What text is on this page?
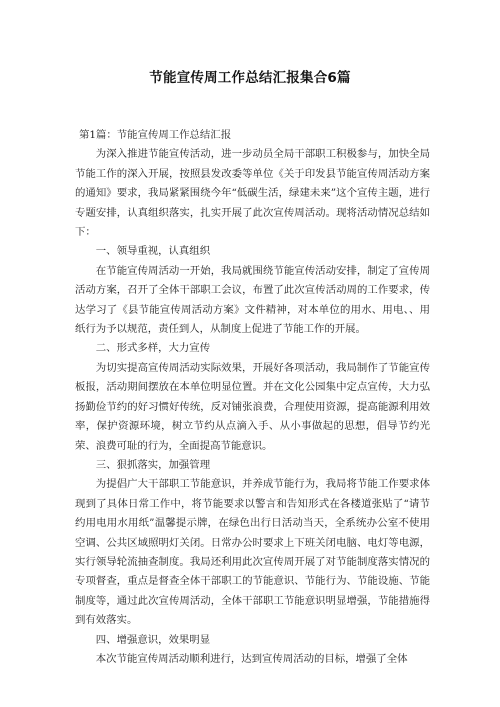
节能宣传周工作总结汇报集合6篇

第1篇：节能宣传周工作总结汇报

为深入推进节能宣传活动，进一步动员全局干部职工积极参与，加快全局节能工作的深入开展，按照县发改委等单位《关于印发县节能宣传周活动方案的通知》要求，我局紧紧围绕今年“低碳生活，绿建未来”这个宣传主题，进行专题安排，认真组织落实，扎实开展了此次宣传周活动。现将活动情况总结如下：

一、领导重视，认真组织

在节能宣传周活动一开始，我局就围绕节能宣传活动安排，制定了宣传周活动方案，召开了全体干部职工会议，布置了此次宣传活动周的工作要求，传达学习了《县节能宣传周活动方案》文件精神，对本单位的用水、用电、、用纸行为予以规范，责任到人，从制度上促进了节能工作的开展。

二、形式多样，大力宣传

为切实提高宣传周活动实际效果，开展好各项活动，我局制作了节能宣传板报，活动期间摆放在本单位明显位置。并在文化公园集中定点宣传，大力弘扬勤俭节约的好习惯好传统，反对铺张浪费，合理使用资源，提高能源利用效率，保护资源环境，树立节约从点滴入手、从小事做起的思想，倡导节约光荣、浪费可耻的行为，全面提高节能意识。

三、狠抓落实，加强管理

为提倡广大干部职工节能意识，并养成节能行为，我局将节能工作要求体现到了具体日常工作中，将节能要求以警言和告知形式在各楼道张贴了“请节约用电用水用纸”温馨提示牌，在绿色出行日活动当天，全系统办公室不使用空调、公共区域照明灯关闭。日常办公时要求上下班关闭电脑、电灯等电源，实行领导轮流抽查制度。我局还利用此次宣传周开展了对节能制度落实情况的专项督查，重点是督查全体干部职工的节能意识、节能行为、节能设施、节能制度等，通过此次宣传周活动，全体干部职工节能意识明显增强，节能措施得到有效落实。

四、增强意识，效果明显

本次节能宣传周活动顺利进行，达到宣传周活动的目标，增强了全体
